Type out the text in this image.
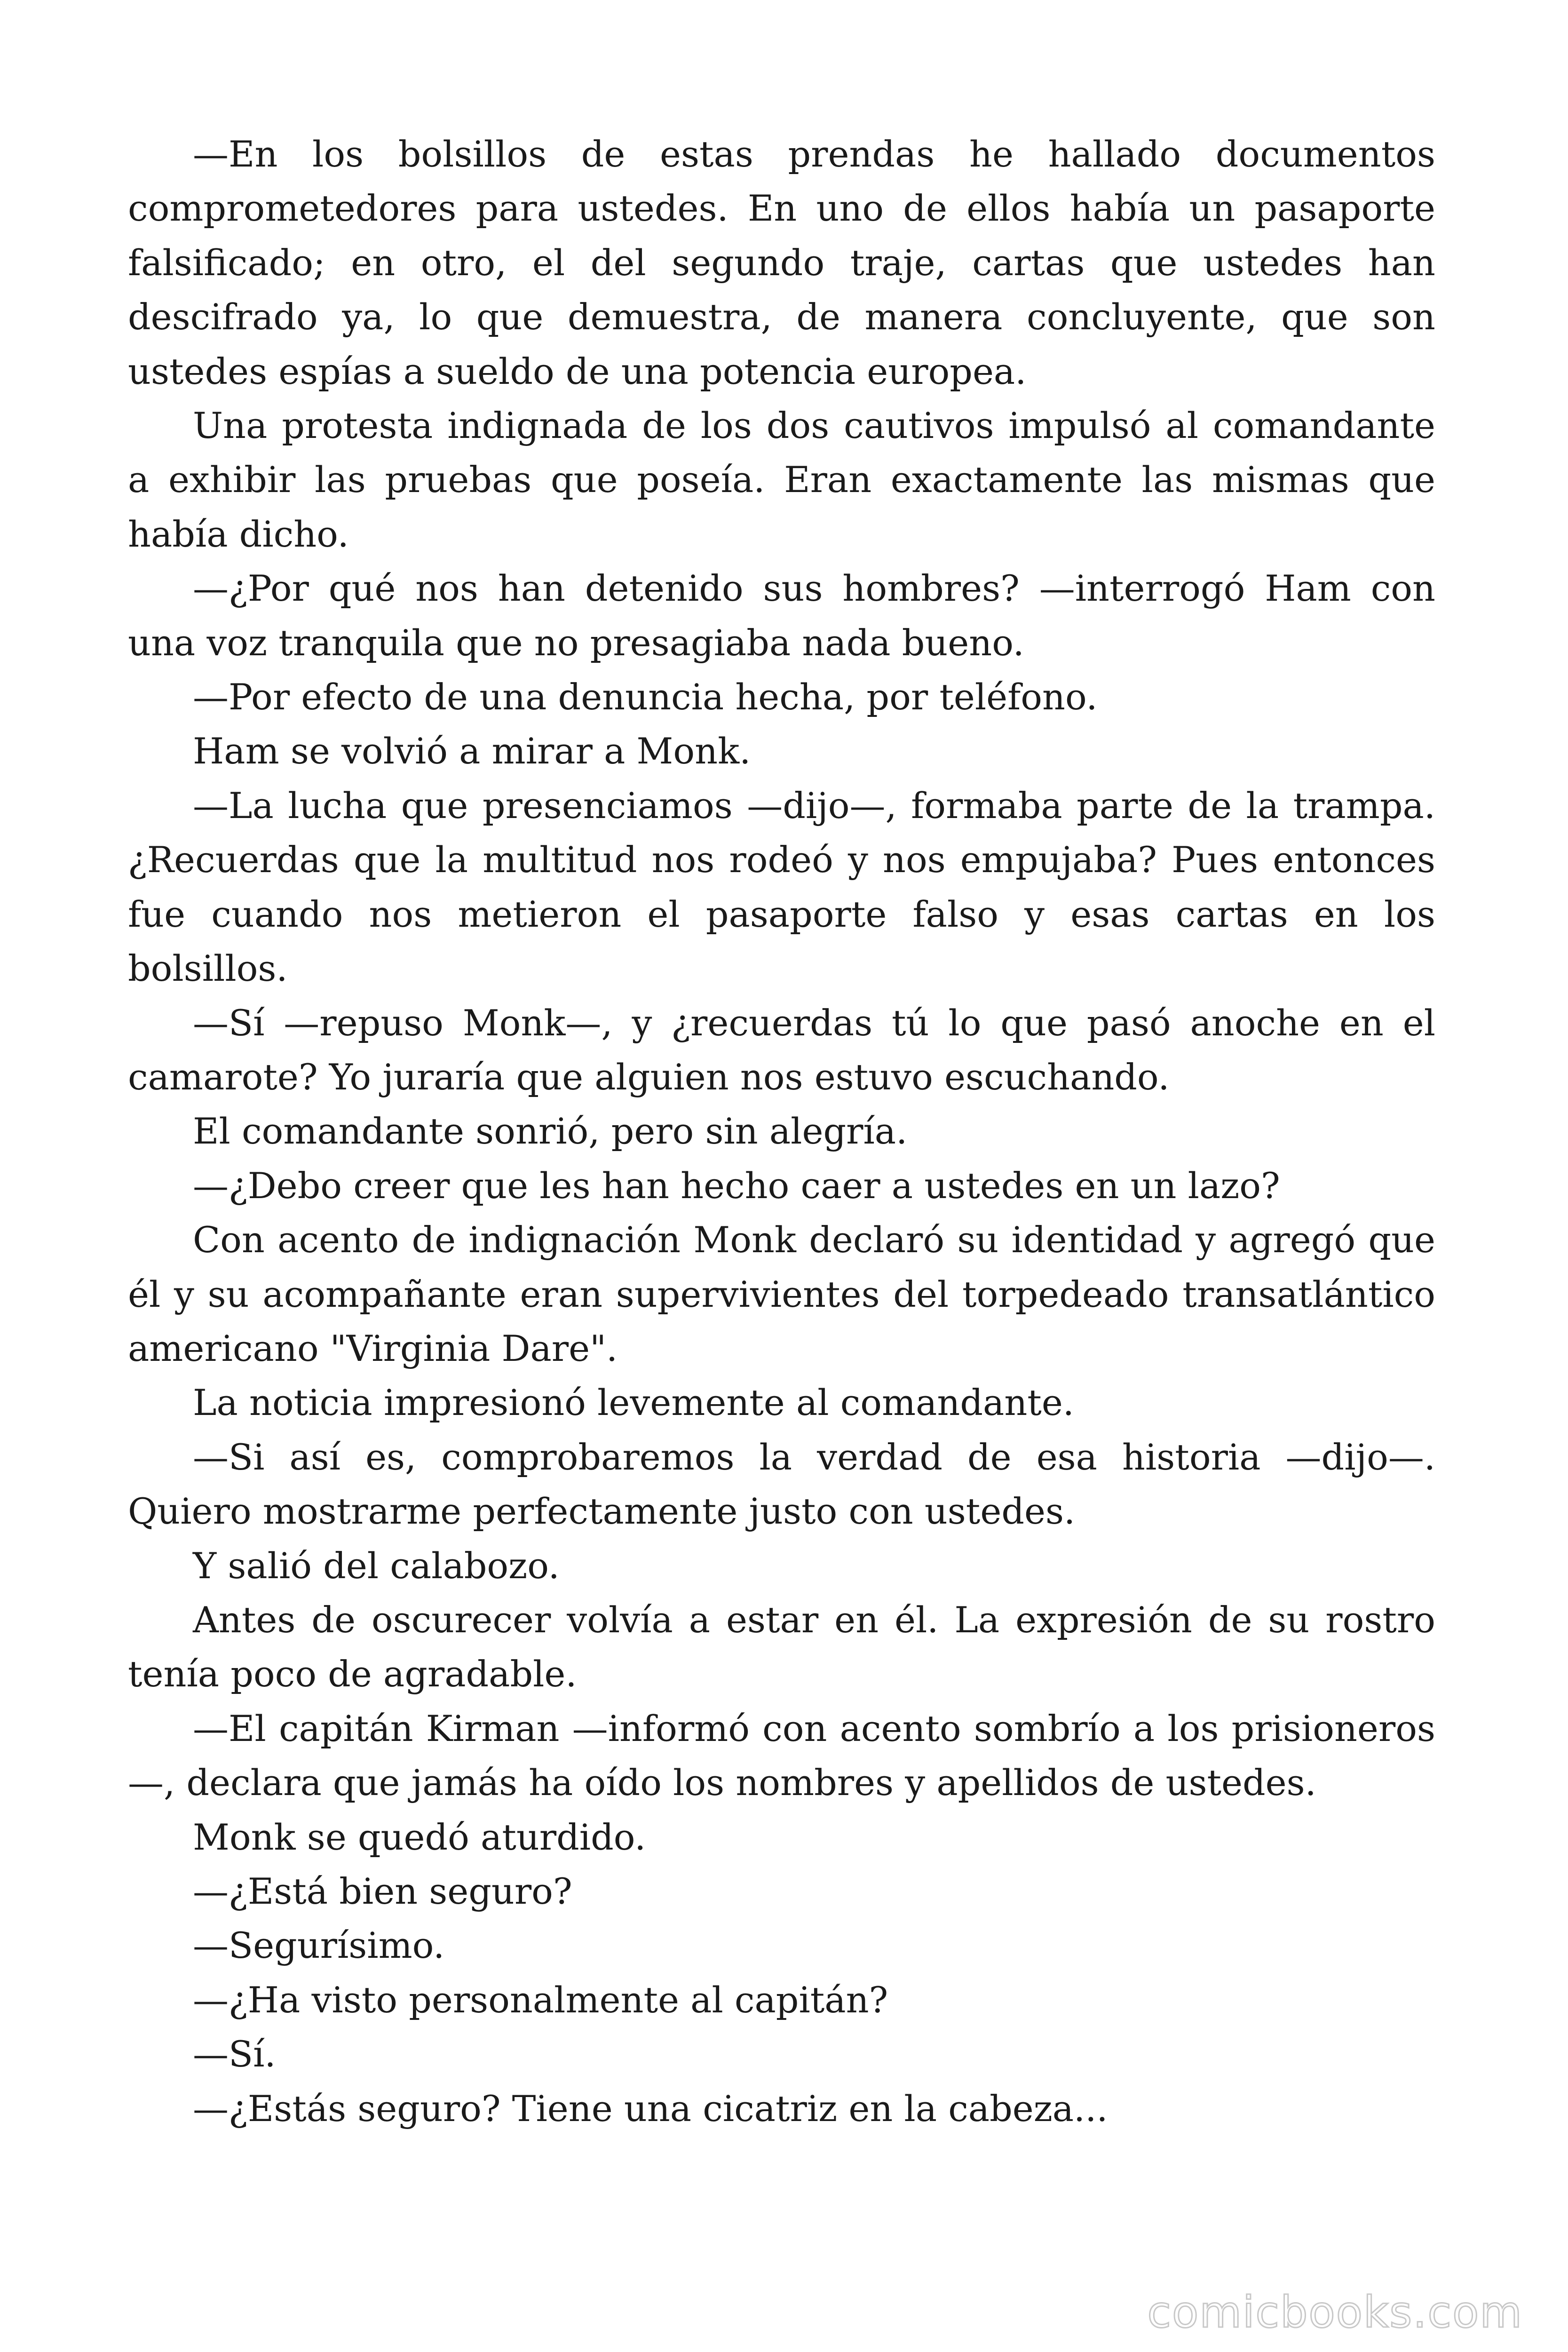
—En los bolsillos de estas prendas he hallado documentos comprometedores para ustedes. En uno de ellos había un pasaporte falsificado; en otro, el del segundo traje, cartas que ustedes han descifrado ya, lo que demuestra, de manera concluyente, que son ustedes espías a sueldo de una potencia europea.

Una protesta indignada de los dos cautivos impulsó al comandante a exhibir las pruebas que poseía. Eran exactamente las mismas que había dicho.

—¿Por qué nos han detenido sus hombres? —interrogó Ham con una voz tranquila que no presagiaba nada bueno.

—Por efecto de una denuncia hecha, por teléfono.

Ham se volvió a mirar a Monk.

—La lucha que presenciamos —dijo—, formaba parte de la trampa. ¿Recuerdas que la multitud nos rodeó y nos empujaba? Pues entonces fue cuando nos metieron el pasaporte falso y esas cartas en los bolsillos.

—Sí —repuso Monk—, y ¿recuerdas tú lo que pasó anoche en el camarote? Yo juraría que alguien nos estuvo escuchando.

El comandante sonrió, pero sin alegría.

—¿Debo creer que les han hecho caer a ustedes en un lazo?

Con acento de indignación Monk declaró su identidad y agregó que él y su acompañante eran supervivientes del torpedeado transatlántico americano "Virginia Dare".

La noticia impresionó levemente al comandante.

—Si así es, comprobaremos la verdad de esa historia —dijo—. Quiero mostrarme perfectamente justo con ustedes.

Y salió del calabozo.

Antes de oscurecer volvía a estar en él. La expresión de su rostro tenía poco de agradable.

—El capitán Kirman —informó con acento sombrío a los prisioneros—, declara que jamás ha oído los nombres y apellidos de ustedes.

Monk se quedó aturdido.

—¿Está bien seguro?

—Segurísimo.

—¿Ha visto personalmente al capitán?

—Sí.

—¿Estás seguro? Tiene una cicatriz en la cabeza...

comicbooks.com
